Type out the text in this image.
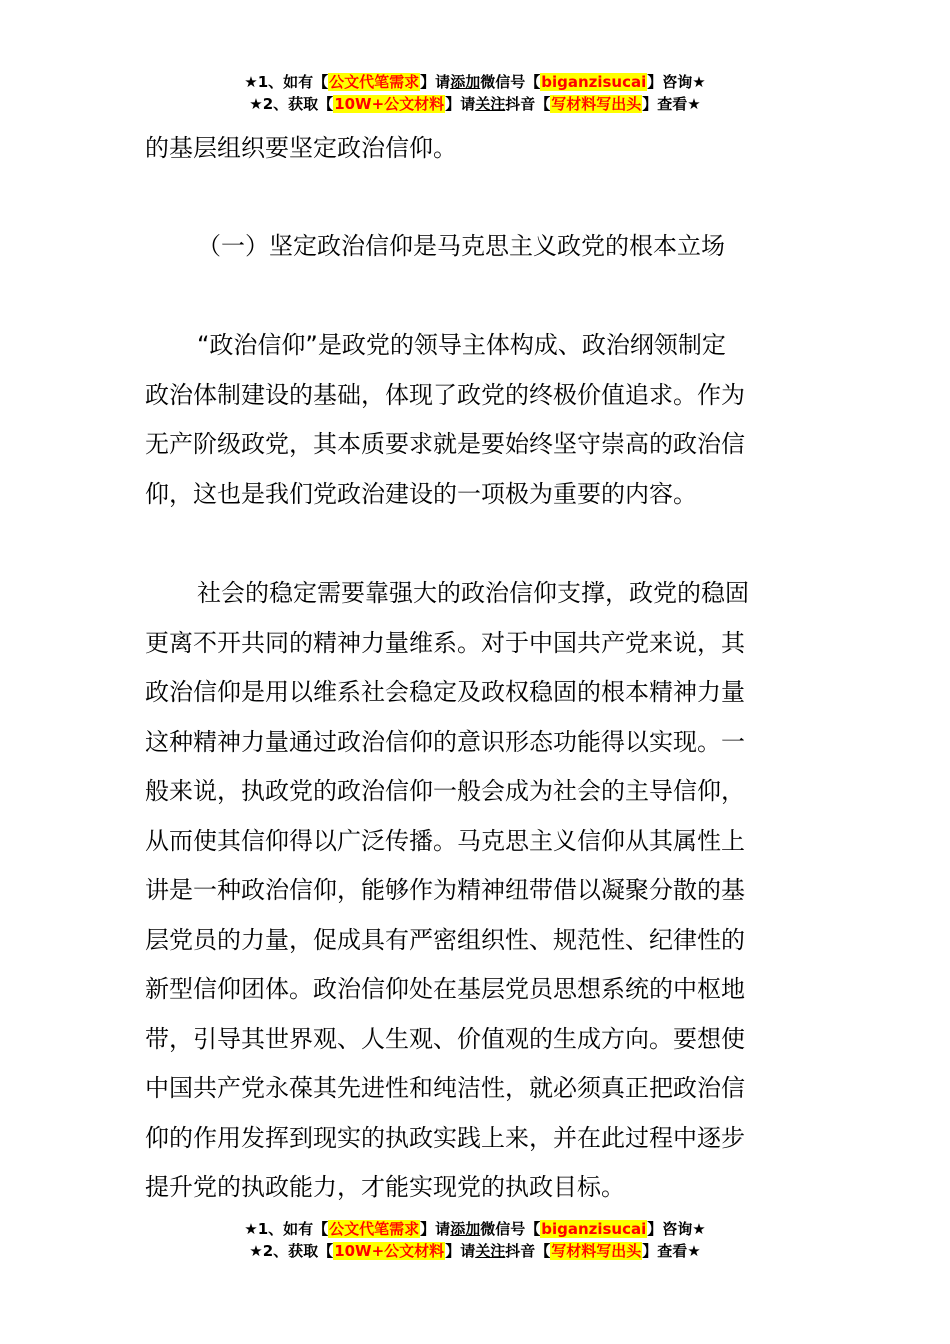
★1、如有【公文代笔需求】请添加微信号【biganzisucai】咨询★
★2、获取【10W+公文材料】请关注抖音【写材料写出头】查看★

的基层组织要坚定政治信仰。

（一）坚定政治信仰是马克思主义政党的根本立场

“政治信仰”是政党的领导主体构成、政治纲领制定
政治体制建设的基础，体现了政党的终极价值追求。作为
无产阶级政党，其本质要求就是要始终坚守崇高的政治信
仰，这也是我们党政治建设的一项极为重要的内容。
社会的稳定需要靠强大的政治信仰支撑，政党的稳固
更离不开共同的精神力量维系。对于中国共产党来说，其
政治信仰是用以维系社会稳定及政权稳固的根本精神力量
这种精神力量通过政治信仰的意识形态功能得以实现。一
般来说，执政党的政治信仰一般会成为社会的主导信仰，
从而使其信仰得以广泛传播。马克思主义信仰从其属性上
讲是一种政治信仰，能够作为精神纽带借以凝聚分散的基
层党员的力量，促成具有严密组织性、规范性、纪律性的
新型信仰团体。政治信仰处在基层党员思想系统的中枢地
带，引导其世界观、人生观、价值观的生成方向。要想使
中国共产党永葆其先进性和纯洁性，就必须真正把政治信
仰的作用发挥到现实的执政实践上来，并在此过程中逐步
提升党的执政能力，才能实现党的执政目标。
★1、如有【公文代笔需求】请添加微信号【biganzisucai】咨询★
★2、获取【10W+公文材料】请关注抖音【写材料写出头】查看★
